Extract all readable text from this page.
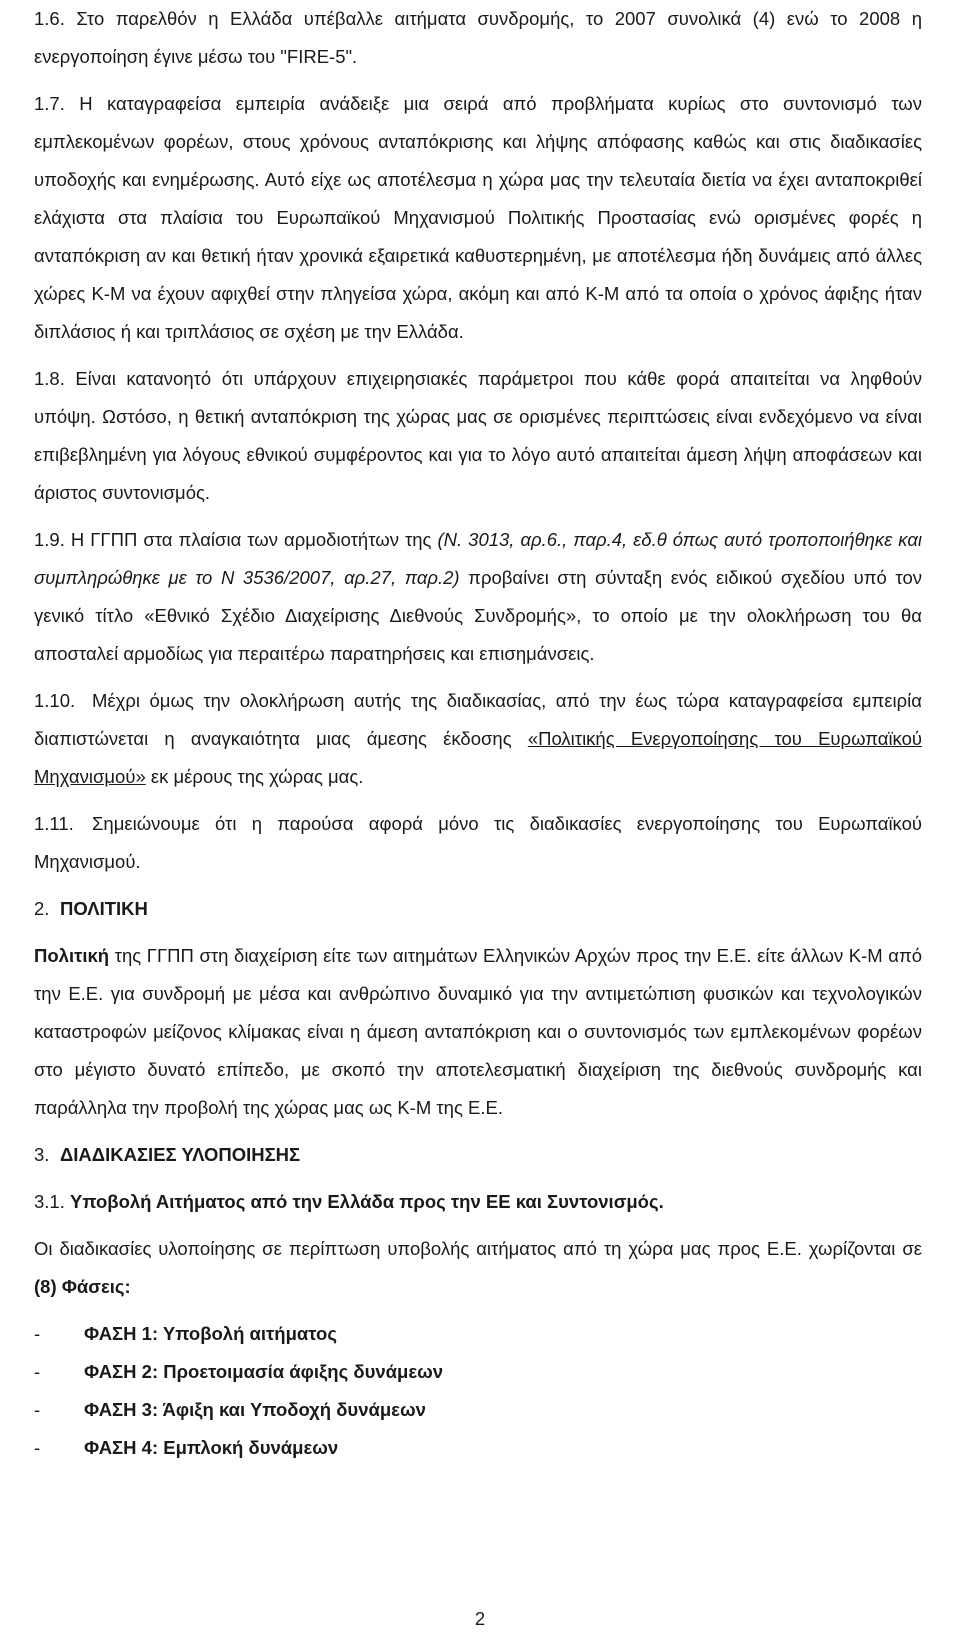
1.6. Στο παρελθόν η Ελλάδα υπέβαλλε αιτήματα συνδρομής, το 2007 συνολικά (4) ενώ το 2008 η ενεργοποίηση έγινε μέσω του "FIRE-5".

1.7. Η καταγραφείσα εμπειρία ανάδειξε μια σειρά από προβλήματα κυρίως στο συντονισμό των εμπλεκομένων φορέων, στους χρόνους ανταπόκρισης και λήψης απόφασης καθώς και στις διαδικασίες υποδοχής και ενημέρωσης. Αυτό είχε ως αποτέλεσμα η χώρα μας την τελευταία διετία να έχει ανταποκριθεί ελάχιστα στα πλαίσια του Ευρωπαϊκού Μηχανισμού Πολιτικής Προστασίας ενώ ορισμένες φορές η ανταπόκριση αν και θετική ήταν χρονικά εξαιρετικά καθυστερημένη, με αποτέλεσμα ήδη δυνάμεις από άλλες χώρες Κ-Μ να έχουν αφιχθεί στην πληγείσα χώρα, ακόμη και από Κ-Μ από τα οποία ο χρόνος άφιξης ήταν διπλάσιος ή και τριπλάσιος σε σχέση με την Ελλάδα.

1.8. Είναι κατανοητό ότι υπάρχουν επιχειρησιακές παράμετροι που κάθε φορά απαιτείται να ληφθούν υπόψη. Ωστόσο, η θετική ανταπόκριση της χώρας μας σε ορισμένες περιπτώσεις είναι ενδεχόμενο να είναι επιβεβλημένη για λόγους εθνικού συμφέροντος και για το λόγο αυτό απαιτείται άμεση λήψη αποφάσεων και άριστος συντονισμός.

1.9. Η ΓΓΠΠ στα πλαίσια των αρμοδιοτήτων της (Ν. 3013, αρ.6., παρ.4, εδ.θ όπως αυτό τροποποιήθηκε και συμπληρώθηκε με το Ν 3536/2007, αρ.27, παρ.2) προβαίνει στη σύνταξη ενός ειδικού σχεδίου υπό τον γενικό τίτλο «Εθνικό Σχέδιο Διαχείρισης Διεθνούς Συνδρομής», το οποίο με την ολοκλήρωση του θα αποσταλεί αρμοδίως για περαιτέρω παρατηρήσεις και επισημάνσεις.

1.10. Μέχρι όμως την ολοκλήρωση αυτής της διαδικασίας, από την έως τώρα καταγραφείσα εμπειρία διαπιστώνεται η αναγκαιότητα μιας άμεσης έκδοσης «Πολιτικής Ενεργοποίησης του Ευρωπαϊκού Μηχανισμού» εκ μέρους της χώρας μας.

1.11. Σημειώνουμε ότι η παρούσα αφορά μόνο τις διαδικασίες ενεργοποίησης του Ευρωπαϊκού Μηχανισμού.

2. ΠΟΛΙΤΙΚΗ

Πολιτική της ΓΓΠΠ στη διαχείριση είτε των αιτημάτων Ελληνικών Αρχών προς την Ε.Ε. είτε άλλων Κ-Μ από την Ε.Ε. για συνδρομή με μέσα και ανθρώπινο δυναμικό για την αντιμετώπιση φυσικών και τεχνολογικών καταστροφών μείζονος κλίμακας είναι η άμεση ανταπόκριση και ο συντονισμός των εμπλεκομένων φορέων στο μέγιστο δυνατό επίπεδο, με σκοπό την αποτελεσματική διαχείριση της διεθνούς συνδρομής και παράλληλα την προβολή της χώρας μας ως Κ-Μ της Ε.Ε.

3. ΔΙΑΔΙΚΑΣΙΕΣ ΥΛΟΠΟΙΗΣΗΣ

3.1. Υποβολή Αιτήματος από την Ελλάδα προς την ΕΕ και Συντονισμός.

Οι διαδικασίες υλοποίησης σε περίπτωση υποβολής αιτήματος από τη χώρα μας προς Ε.Ε. χωρίζονται σε (8) Φάσεις:

-	ΦΑΣΗ 1: Υποβολή αιτήματος
-	ΦΑΣΗ 2: Προετοιμασία άφιξης δυνάμεων
-	ΦΑΣΗ 3: Άφιξη και Υποδοχή δυνάμεων
-	ΦΑΣΗ 4: Εμπλοκή δυνάμεων
2
